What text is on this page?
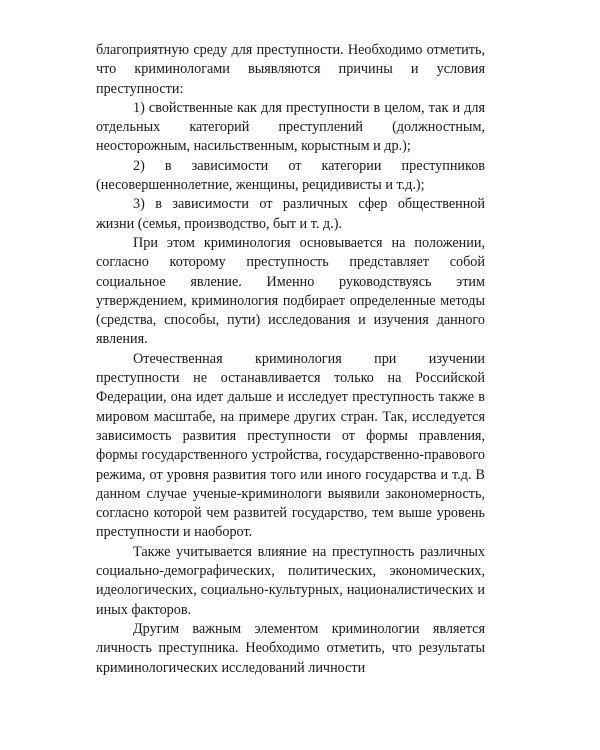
благоприятную среду для преступности. Необходимо отметить, что криминологами выявляются причины и условия преступности:

1) свойственные как для преступности в целом, так и для отдельных категорий преступлений (должностным, неосторожным, насильственным, корыстным и др.);

2) в зависимости от категории преступников (несовершеннолетние, женщины, рецидивисты и т.д.);

3) в зависимости от различных сфер общественной жизни (семья, производство, быт и т. д.).

При этом криминология основывается на положении, согласно которому преступность представляет собой социальное явление. Именно руководствуясь этим утверждением, криминология подбирает определенные методы (средства, способы, пути) исследования и изучения данного явления.

Отечественная криминология при изучении преступности не останавливается только на Российской Федерации, она идет дальше и исследует преступность также в мировом масштабе, на примере других стран. Так, исследуется зависимость развития преступности от формы правления, формы государственного устройства, государственно-правового режима, от уровня развития того или иного государства и т.д. В данном случае ученые-криминологи выявили закономерность, согласно которой чем развитей государство, тем выше уровень преступности и наоборот.

Также учитывается влияние на преступность различных социально-демографических, политических, экономических, идеологических, социально-культурных, националистических и иных факторов.

Другим важным элементом криминологии является личность преступника. Необходимо отметить, что результаты криминологических исследований личности
